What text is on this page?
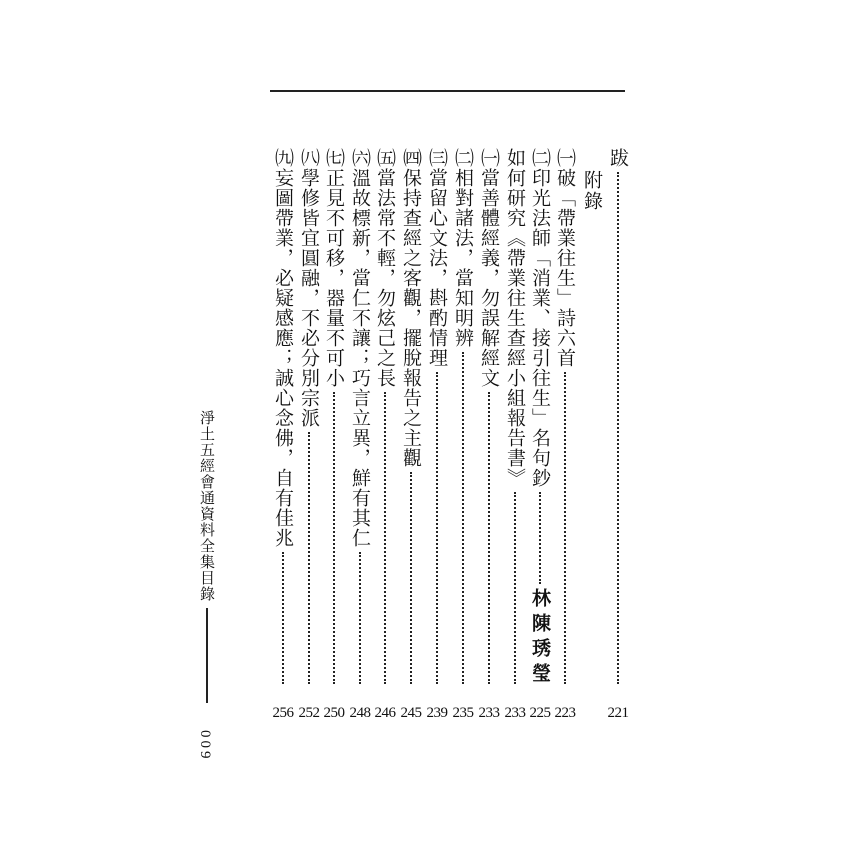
跋
221
附錄
㈠破「帶業往生」詩六首
223
㈡印光法師「消業、接引往生」名句鈔
林陳琇瑩
225
如何研究《帶業往生查經小組報告書》
233
㈠當善體經義，勿誤解經文
233
㈡相對諸法，當知明辨
235
㈢當留心文法，斟酌情理
239
㈣保持查經之客觀，擺脫報告之主觀
245
㈤當法常不輕，勿炫己之長
246
㈥溫故標新，當仁不讓；巧言立異，鮮有其仁
248
㈦正見不可移，器量不可小
250
㈧學修皆宜圓融，不必分別宗派
252
㈨妄圖帶業，必疑感應；誠心念佛，自有佳兆
256
淨土五經會通資料全集目錄
009
